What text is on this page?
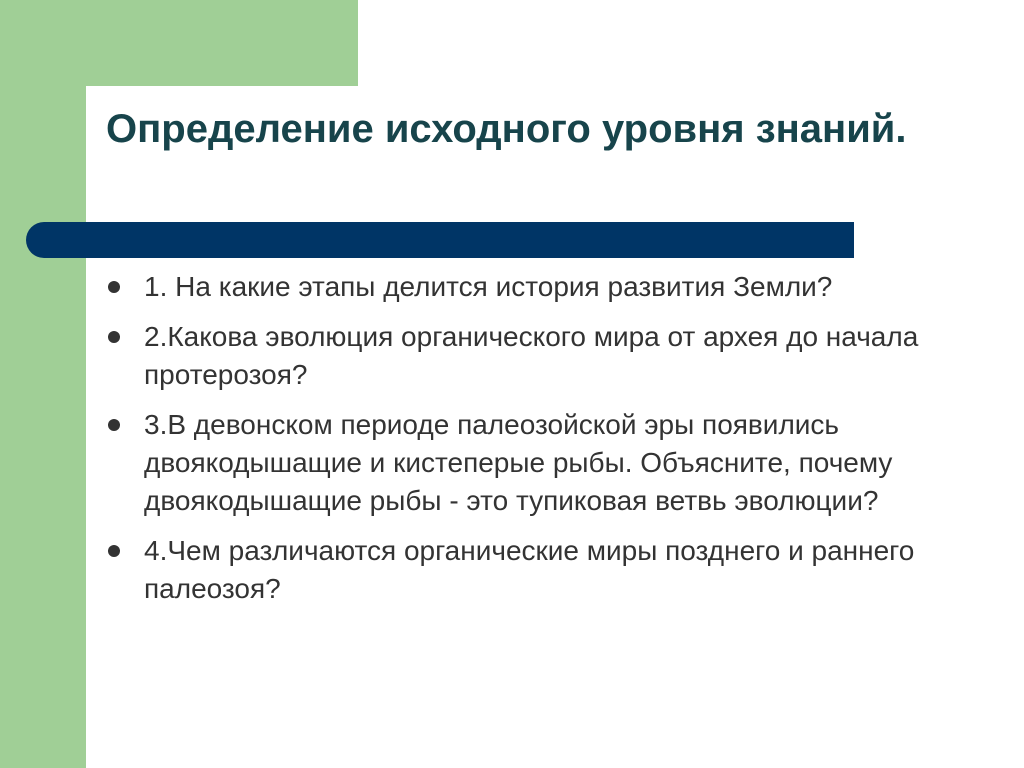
Определение исходного уровня знаний.
1. На какие этапы делится история развития Земли?
2.Какова эволюция органического мира от архея до начала протерозоя?
3.В девонском периоде палеозойской эры появились двоякодышащие и кистеперые рыбы. Объясните, почему двоякодышащие рыбы - это тупиковая ветвь эволюции?
4.Чем различаются органические миры позднего и раннего палеозоя?
